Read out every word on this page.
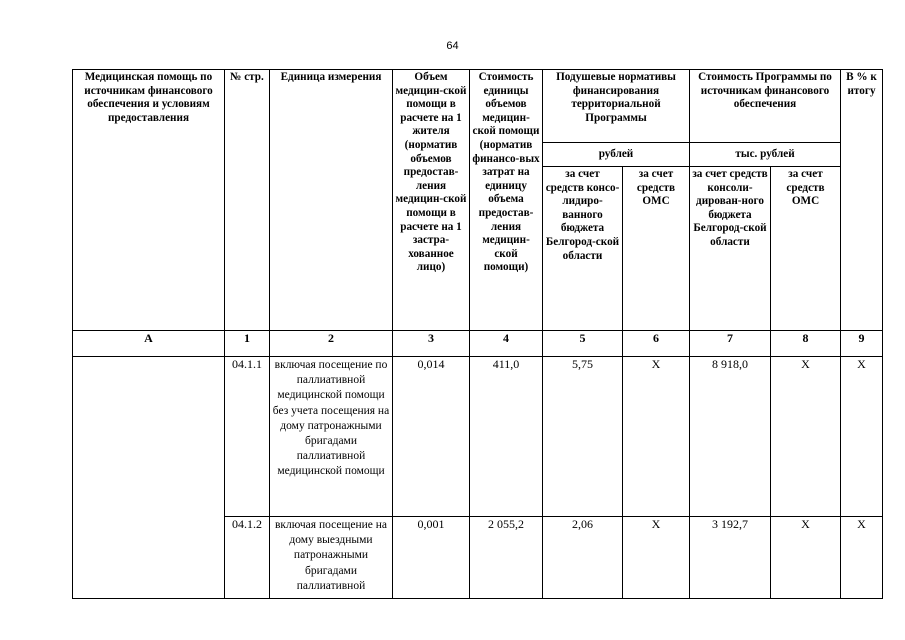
64
Медицинская помощь по источникам финансового обеспечения и условиям предоставления	№ стр.	Единица измерения	Объем медицин-ской помощи в расчете на 1 жителя (норматив объемов предостав-ления медицин-ской помощи в расчете на 1 застра-хованное лицо)	Стоимость единицы объемов медицин-ской помощи (норматив финансо-вых затрат на единицу объема предостав-ления медицин-ской помощи)	Подушевые нормативы финансирования территориальной Программы		Стоимость Программы по источникам финансового обеспечения		В % к итогу
					рублей		тыс. рублей		
					за счет средств консо-лидиро-ванного бюджета Белгород-ской области	за счет средств ОМС	за счет средств консоли-дирован-ного бюджета Белгород-ской области	за счет средств ОМС	
А	1	2	3	4	5	6	7	8	9
	04.1.1	включая посещение по паллиативной медицинской помощи без учета посещения на дому патронажными бригадами паллиативной медицинской помощи	0,014	411,0	5,75	Х	8 918,0	Х	Х
	04.1.2	включая посещение на дому выездными патронажными бригадами паллиативной	0,001	2 055,2	2,06	Х	3 192,7	Х	Х
